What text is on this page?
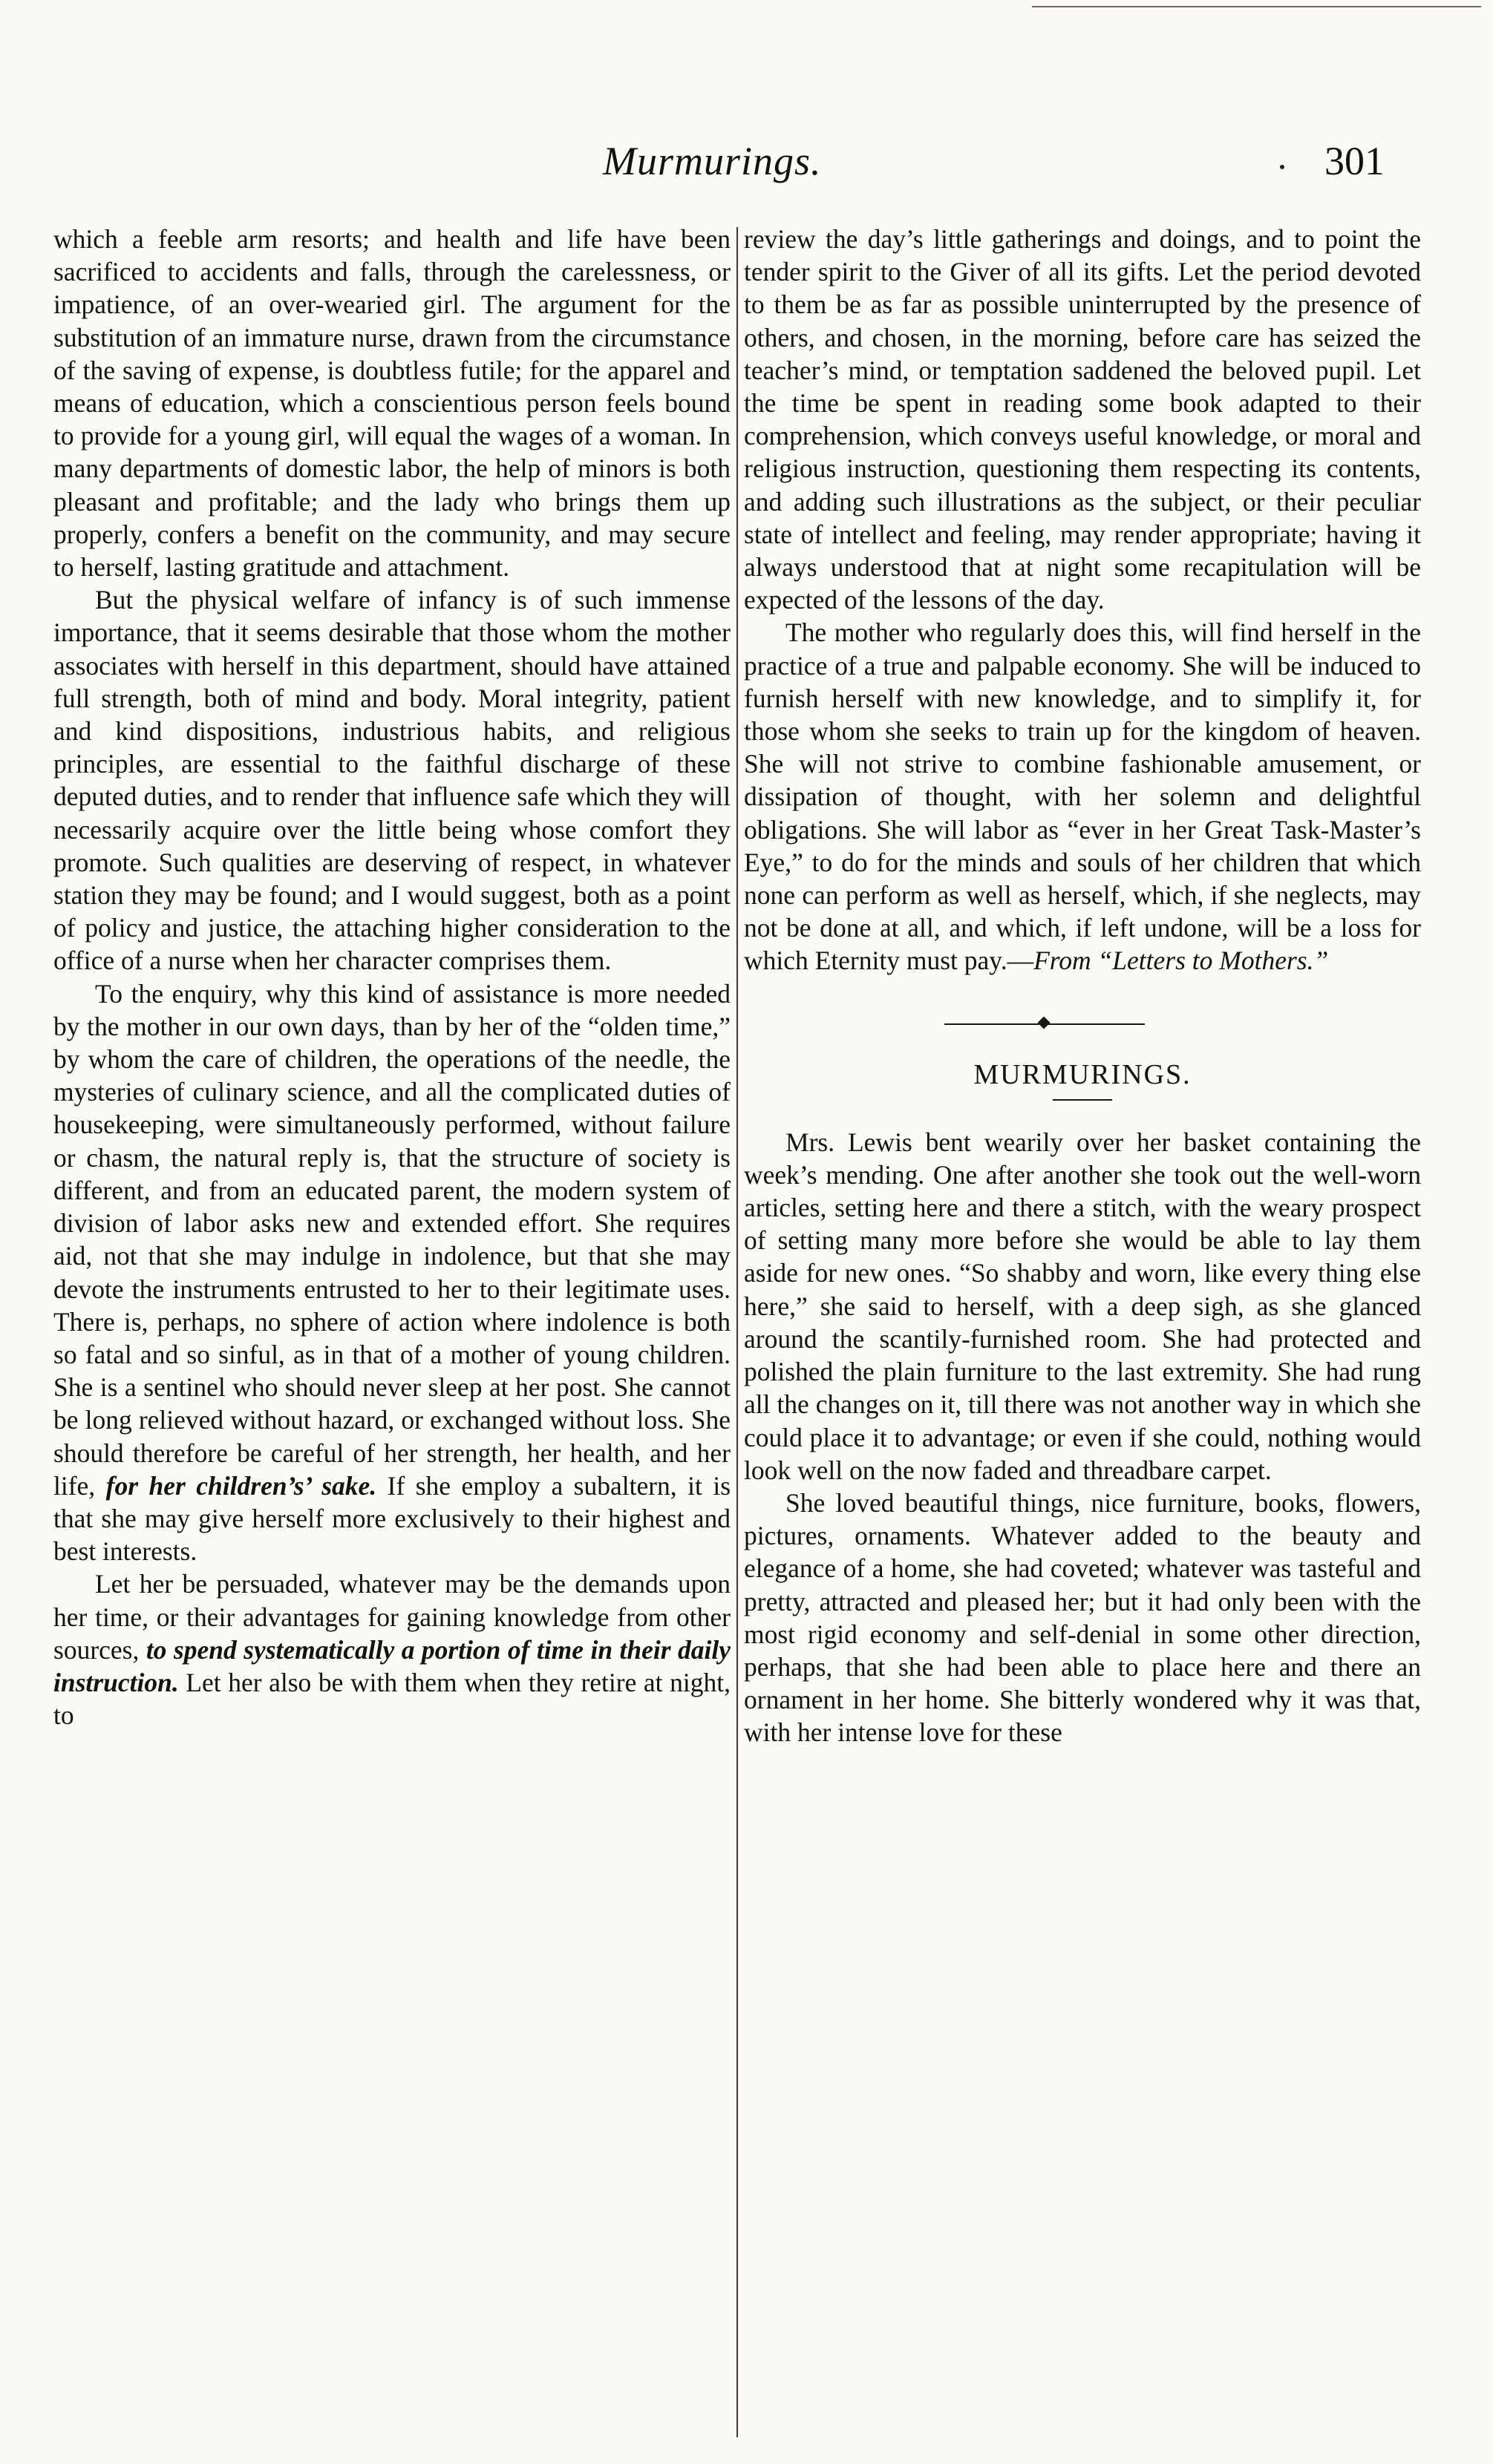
Murmurings.	301

which a feeble arm resorts; and health and life have been sacrificed to accidents and falls, through the carelessness, or impatience, of an over-wearied girl. The argument for the substitution of an immature nurse, drawn from the circumstance of the saving of expense, is doubtless futile; for the apparel and means of education, which a conscientious person feels bound to provide for a young girl, will equal the wages of a woman. In many departments of domestic labor, the help of minors is both pleasant and profitable; and the lady who brings them up properly, confers a benefit on the community, and may secure to herself, lasting gratitude and attachment.

But the physical welfare of infancy is of such immense importance, that it seems desirable that those whom the mother associates with herself in this department, should have attained full strength, both of mind and body. Moral integrity, patient and kind dispositions, industrious habits, and religious principles, are essential to the faithful discharge of these deputed duties, and to render that influence safe which they will necessarily acquire over the little being whose comfort they promote. Such qualities are deserving of respect, in whatever station they may be found; and I would suggest, both as a point of policy and justice, the attaching higher consideration to the office of a nurse when her character comprises them.

To the enquiry, why this kind of assistance is more needed by the mother in our own days, than by her of the “olden time,” by whom the care of children, the operations of the needle, the mysteries of culinary science, and all the complicated duties of housekeeping, were simultaneously performed, without failure or chasm, the natural reply is, that the structure of society is different, and from an educated parent, the modern system of division of labor asks new and extended effort. She requires aid, not that she may indulge in indolence, but that she may devote the instruments entrusted to her to their legitimate uses. There is, perhaps, no sphere of action where indolence is both so fatal and so sinful, as in that of a mother of young children. She is a sentinel who should never sleep at her post. She cannot be long relieved without hazard, or exchanged without loss. She should therefore be careful of her strength, her health, and her life, for her children’s’ sake. If she employ a subaltern, it is that she may give herself more exclusively to their highest and best interests.

Let her be persuaded, whatever may be the demands upon her time, or their advantages for gaining knowledge from other sources, to spend systematically a portion of time in their daily instruction. Let her also be with them when they retire at night, to

review the day’s little gatherings and doings, and to point the tender spirit to the Giver of all its gifts. Let the period devoted to them be as far as possible uninterrupted by the presence of others, and chosen, in the morning, before care has seized the teacher’s mind, or temptation saddened the beloved pupil. Let the time be spent in reading some book adapted to their comprehension, which conveys useful knowledge, or moral and religious instruction, questioning them respecting its contents, and adding such illustrations as the subject, or their peculiar state of intellect and feeling, may render appropriate; having it always understood that at night some recapitulation will be expected of the lessons of the day.

The mother who regularly does this, will find herself in the practice of a true and palpable economy. She will be induced to furnish herself with new knowledge, and to simplify it, for those whom she seeks to train up for the kingdom of heaven. She will not strive to combine fashionable amusement, or dissipation of thought, with her solemn and delightful obligations. She will labor as “ever in her Great Task-Master’s Eye,” to do for the minds and souls of her children that which none can perform as well as herself, which, if she neglects, may not be done at all, and which, if left undone, will be a loss for which Eternity must pay.—From “Letters to Mothers.”

MURMURINGS.

Mrs. Lewis bent wearily over her basket containing the week’s mending. One after another she took out the well-worn articles, setting here and there a stitch, with the weary prospect of setting many more before she would be able to lay them aside for new ones. “So shabby and worn, like every thing else here,” she said to herself, with a deep sigh, as she glanced around the scantily-furnished room. She had protected and polished the plain furniture to the last extremity. She had rung all the changes on it, till there was not another way in which she could place it to advantage; or even if she could, nothing would look well on the now faded and threadbare carpet.

She loved beautiful things, nice furniture, books, flowers, pictures, ornaments. Whatever added to the beauty and elegance of a home, she had coveted; whatever was tasteful and pretty, attracted and pleased her; but it had only been with the most rigid economy and self-denial in some other direction, perhaps, that she had been able to place here and there an ornament in her home. She bitterly wondered why it was that, with her intense love for these
